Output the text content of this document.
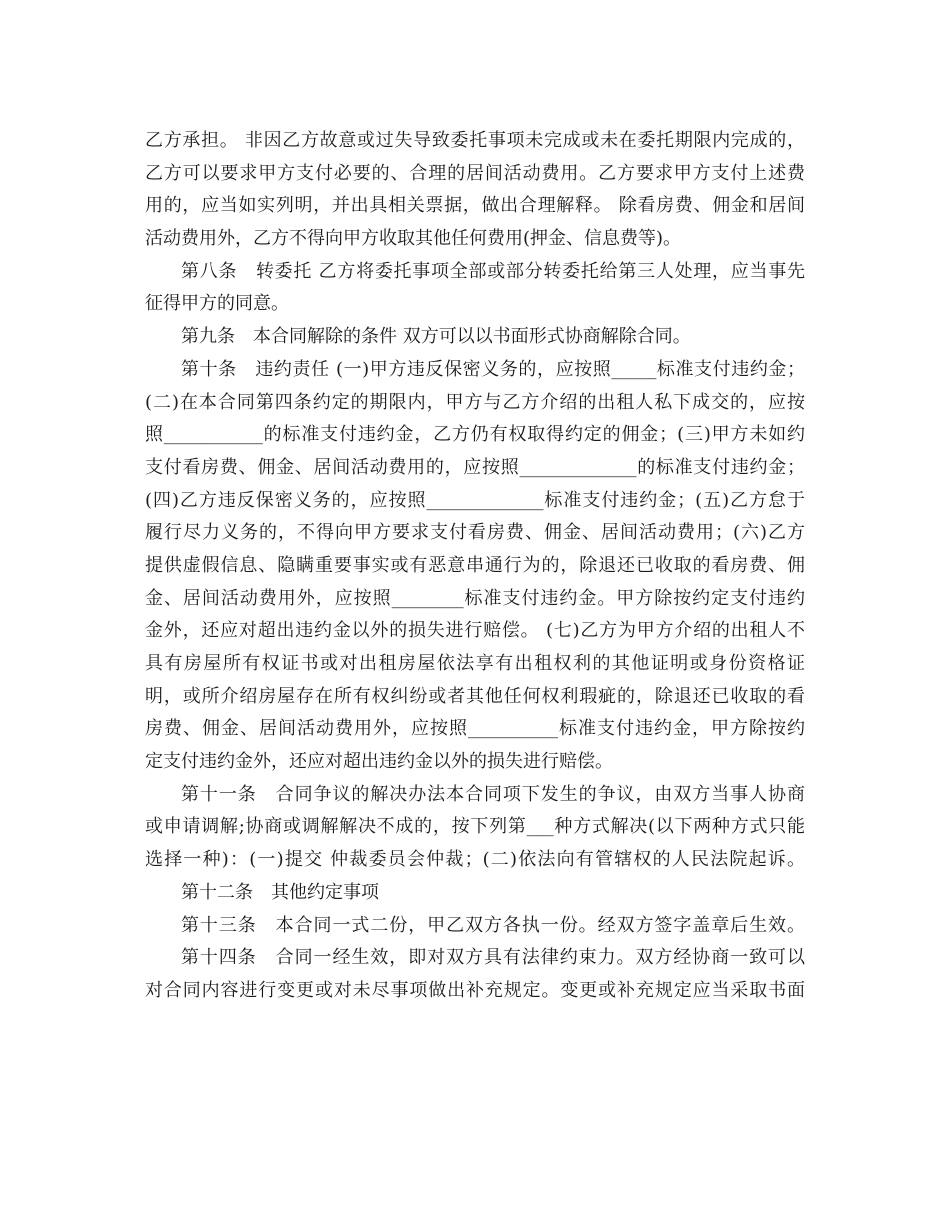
乙方承担。 非因乙方故意或过失导致委托事项未完成或未在委托期限内完成的，
乙方可以要求甲方支付必要的、合理的居间活动费用。乙方要求甲方支付上述费
用的，应当如实列明，并出具相关票据，做出合理解释。 除看房费、佣金和居间
活动费用外，乙方不得向甲方收取其他任何费用(押金、信息费等)。
第八条　转委托 乙方将委托事项全部或部分转委托给第三人处理，应当事先
征得甲方的同意。
第九条　本合同解除的条件 双方可以以书面形式协商解除合同。
第十条　违约责任 (一)甲方违反保密义务的，应按照_____标准支付违约金；
(二)在本合同第四条约定的期限内，甲方与乙方介绍的出租人私下成交的，应按
照___________的标准支付违约金，乙方仍有权取得约定的佣金；(三)甲方未如约
支付看房费、佣金、居间活动费用的，应按照_____________的标准支付违约金；
(四)乙方违反保密义务的，应按照_____________标准支付违约金；(五)乙方怠于
履行尽力义务的，不得向甲方要求支付看房费、佣金、居间活动费用；(六)乙方
提供虚假信息、隐瞒重要事实或有恶意串通行为的，除退还已收取的看房费、佣
金、居间活动费用外，应按照________标准支付违约金。甲方除按约定支付违约
金外，还应对超出违约金以外的损失进行赔偿。 (七)乙方为甲方介绍的出租人不
具有房屋所有权证书或对出租房屋依法享有出租权利的其他证明或身份资格证
明，或所介绍房屋存在所有权纠纷或者其他任何权利瑕疵的，除退还已收取的看
房费、佣金、居间活动费用外，应按照__________标准支付违约金，甲方除按约
定支付违约金外，还应对超出违约金以外的损失进行赔偿。
第十一条　合同争议的解决办法本合同项下发生的争议，由双方当事人协商
或申请调解;协商或调解解决不成的，按下列第___种方式解决(以下两种方式只能
选择一种)：(一)提交 仲裁委员会仲裁；(二)依法向有管辖权的人民法院起诉。
第十二条　其他约定事项
第十三条　本合同一式二份，甲乙双方各执一份。经双方签字盖章后生效。
第十四条　合同一经生效，即对双方具有法律约束力。双方经协商一致可以
对合同内容进行变更或对未尽事项做出补充规定。变更或补充规定应当采取书面
